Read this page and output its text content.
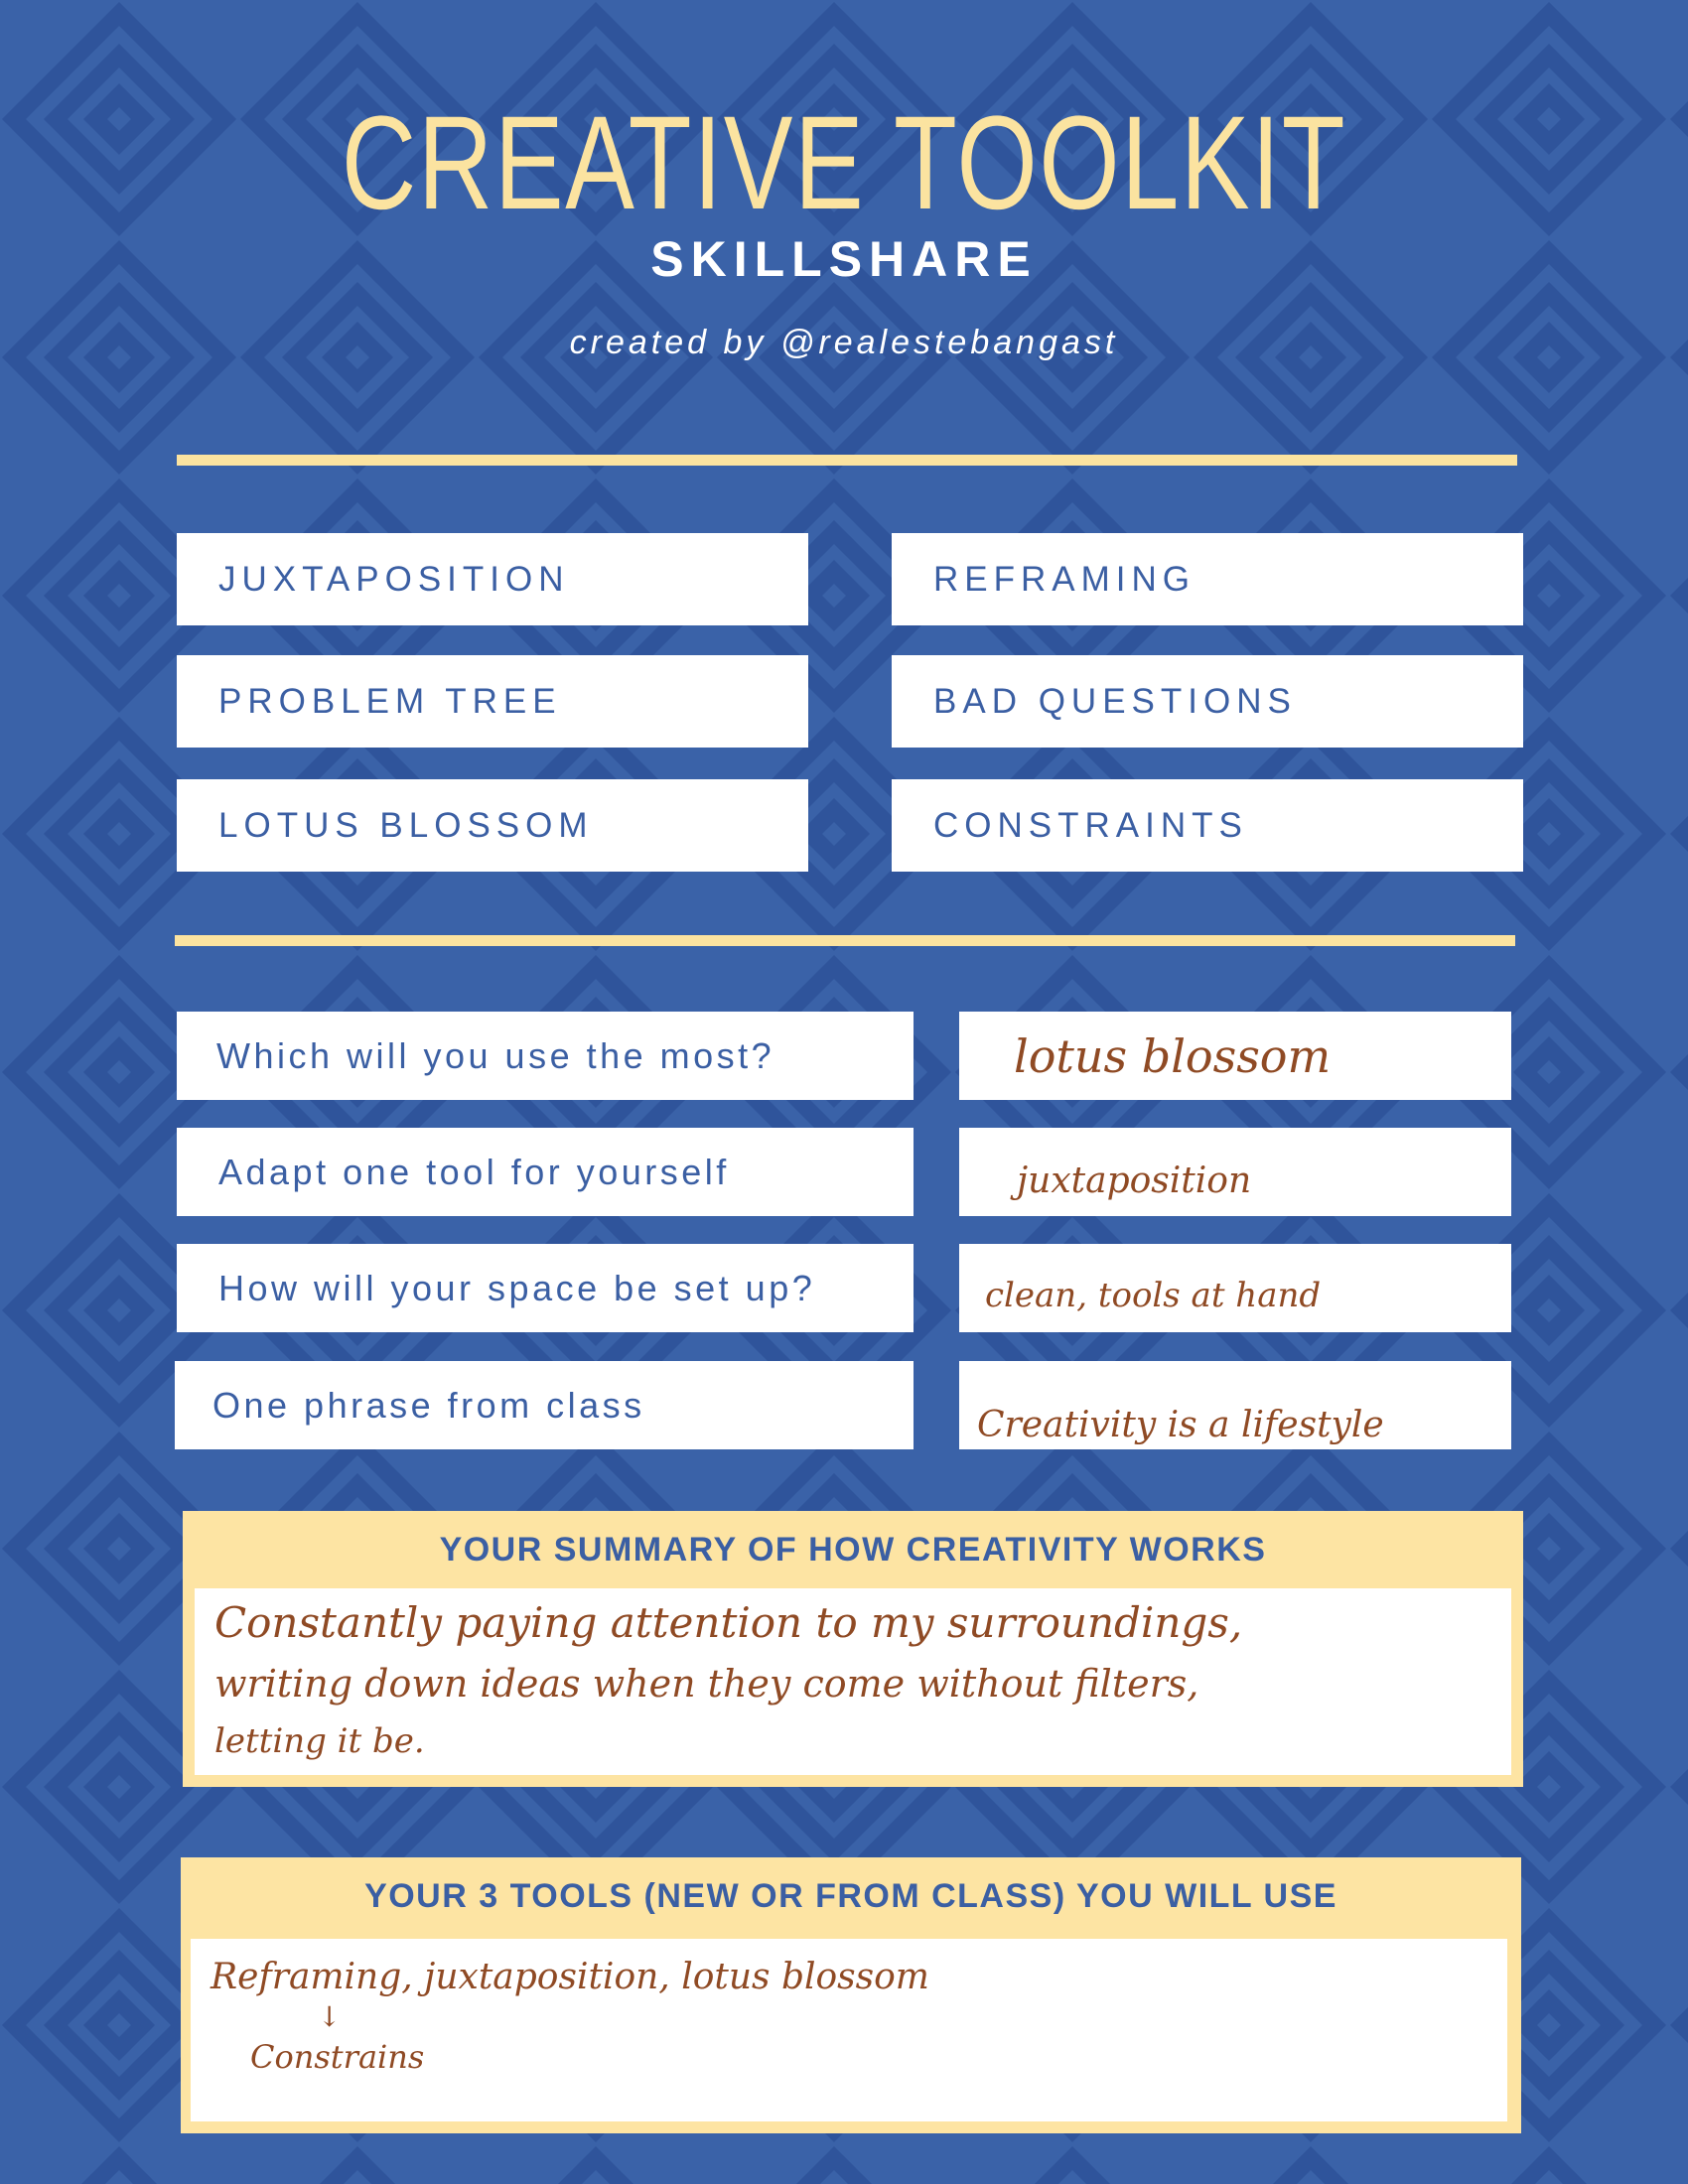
CREATIVE TOOLKIT
SKILLSHARE
created by @realestebangast
JUXTAPOSITION	REFRAMING
PROBLEM TREE	BAD QUESTIONS
LOTUS BLOSSOM	CONSTRAINTS
Which will you use the most?	lotus blossom
Adapt one tool for yourself	juxtaposition
How will your space be set up?	clean, tools at hand
One phrase from class	Creativity is a lifestyle
YOUR SUMMARY OF HOW CREATIVITY WORKS
Constantly paying attention to my surroundings,
writing down ideas when they come without filters,
letting it be.
YOUR 3 TOOLS (NEW OR FROM CLASS) YOU WILL USE
Reframing, juxtaposition, lotus blossom
↓
Constrains
